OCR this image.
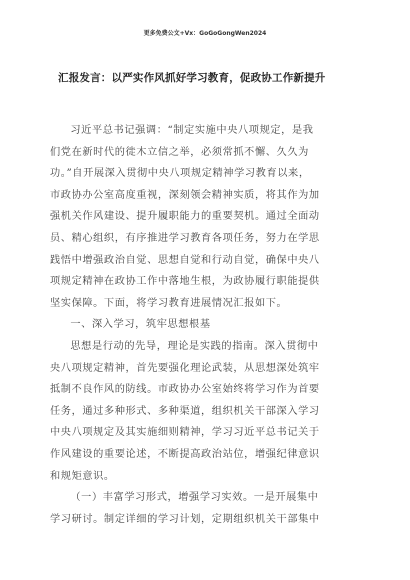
更多免费公文+Vx：GoGoGongWen2024
汇报发言：以严实作风抓好学习教育，促政协工作新提升
习近平总书记强调：“制定实施中央八项规定，是我
们党在新时代的徙木立信之举，必须常抓不懈、久久为
功。”自开展深入贯彻中央八项规定精神学习教育以来，
市政协办公室高度重视，深刻领会精神实质，将其作为加
强机关作风建设、提升履职能力的重要契机。通过全面动
员、精心组织，有序推进学习教育各项任务，努力在学思
践悟中增强政治自觉、思想自觉和行动自觉，确保中央八
项规定精神在政协工作中落地生根，为政协履行职能提供
坚实保障。下面，将学习教育进展情况汇报如下。
一、深入学习，筑牢思想根基
思想是行动的先导，理论是实践的指南。深入贯彻中
央八项规定精神，首先要强化理论武装，从思想深处筑牢
抵制不良作风的防线。市政协办公室始终将学习作为首要
任务，通过多种形式、多种渠道，组织机关干部深入学习
中央八项规定及其实施细则精神，学习习近平总书记关于
作风建设的重要论述，不断提高政治站位，增强纪律意识
和规矩意识。
（一）丰富学习形式，增强学习实效。一是开展集中
学习研讨。制定详细的学习计划，定期组织机关干部集中
